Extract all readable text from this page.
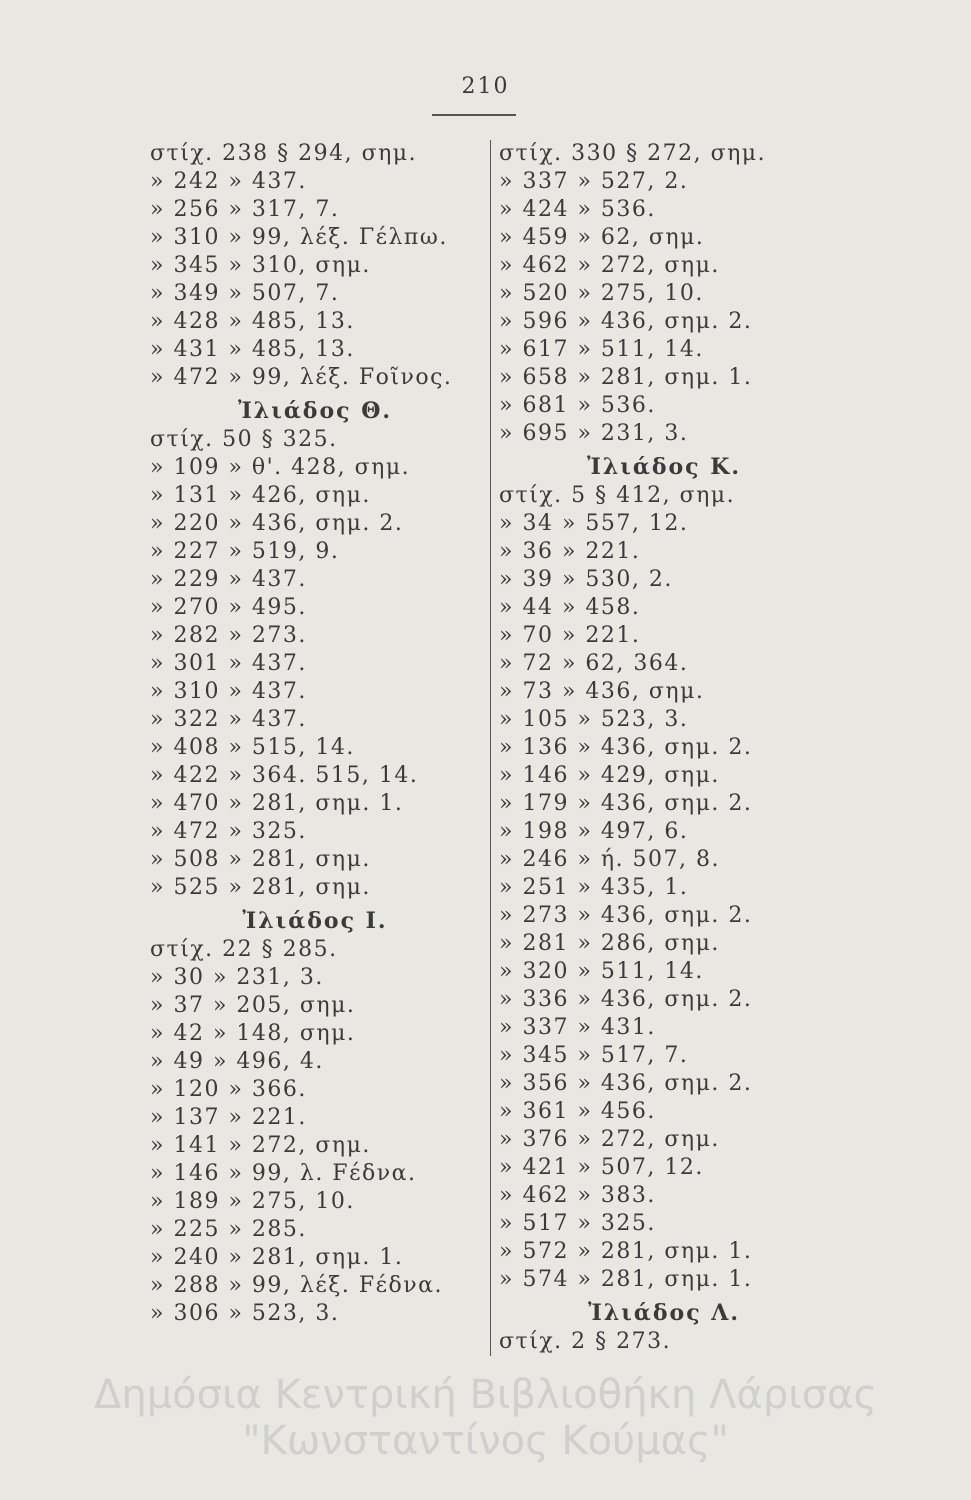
210
στίχ. 238 § 294, σημ.
» 242 » 437.
» 256 » 317, 7.
» 310 » 99, λέξ. Γέλπω.
» 345 » 310, σημ.
» 349 » 507, 7.
» 428 » 485, 13.
» 431 » 485, 13.
» 472 » 99, λέξ. Fοῖνος.
Ἰλιάδος Θ.
στίχ. 50 § 325.
» 109 » θ'. 428, σημ.
» 131 » 426, σημ.
» 220 » 436, σημ. 2.
» 227 » 519, 9.
» 229 » 437.
» 270 » 495.
» 282 » 273.
» 301 » 437.
» 310 » 437.
» 322 » 437.
» 408 » 515, 14.
» 422 » 364. 515, 14.
» 470 » 281, σημ. 1.
» 472 » 325.
» 508 » 281, σημ.
» 525 » 281, σημ.
Ἰλιάδος Ι.
στίχ. 22 § 285.
» 30 » 231, 3.
» 37 » 205, σημ.
» 42 » 148, σημ.
» 49 » 496, 4.
» 120 » 366.
» 137 » 221.
» 141 » 272, σημ.
» 146 » 99, λ. Fέδνα.
» 189 » 275, 10.
» 225 » 285.
» 240 » 281, σημ. 1.
» 288 » 99, λέξ. Fέδνα.
» 306 » 523, 3.
στίχ. 330 § 272, σημ.
» 337 » 527, 2.
» 424 » 536.
» 459 » 62, σημ.
» 462 » 272, σημ.
» 520 » 275, 10.
» 596 » 436, σημ. 2.
» 617 » 511, 14.
» 658 » 281, σημ. 1.
» 681 » 536.
» 695 » 231, 3.
Ἰλιάδος Κ.
στίχ. 5 § 412, σημ.
» 34 » 557, 12.
» 36 » 221.
» 39 » 530, 2.
» 44 » 458.
» 70 » 221.
» 72 » 62, 364.
» 73 » 436, σημ.
» 105 » 523, 3.
» 136 » 436, σημ. 2.
» 146 » 429, σημ.
» 179 » 436, σημ. 2.
» 198 » 497, 6.
» 246 » ή. 507, 8.
» 251 » 435, 1.
» 273 » 436, σημ. 2.
» 281 » 286, σημ.
» 320 » 511, 14.
» 336 » 436, σημ. 2.
» 337 » 431.
» 345 » 517, 7.
» 356 » 436, σημ. 2.
» 361 » 456.
» 376 » 272, σημ.
» 421 » 507, 12.
» 462 » 383.
» 517 » 325.
» 572 » 281, σημ. 1.
» 574 » 281, σημ. 1.
Ἰλιάδος Λ.
στίχ. 2 § 273.
Δημόσια Κεντρική Βιβλιοθήκη Λάρισας
"Κωνσταντίνος Κούμας"
